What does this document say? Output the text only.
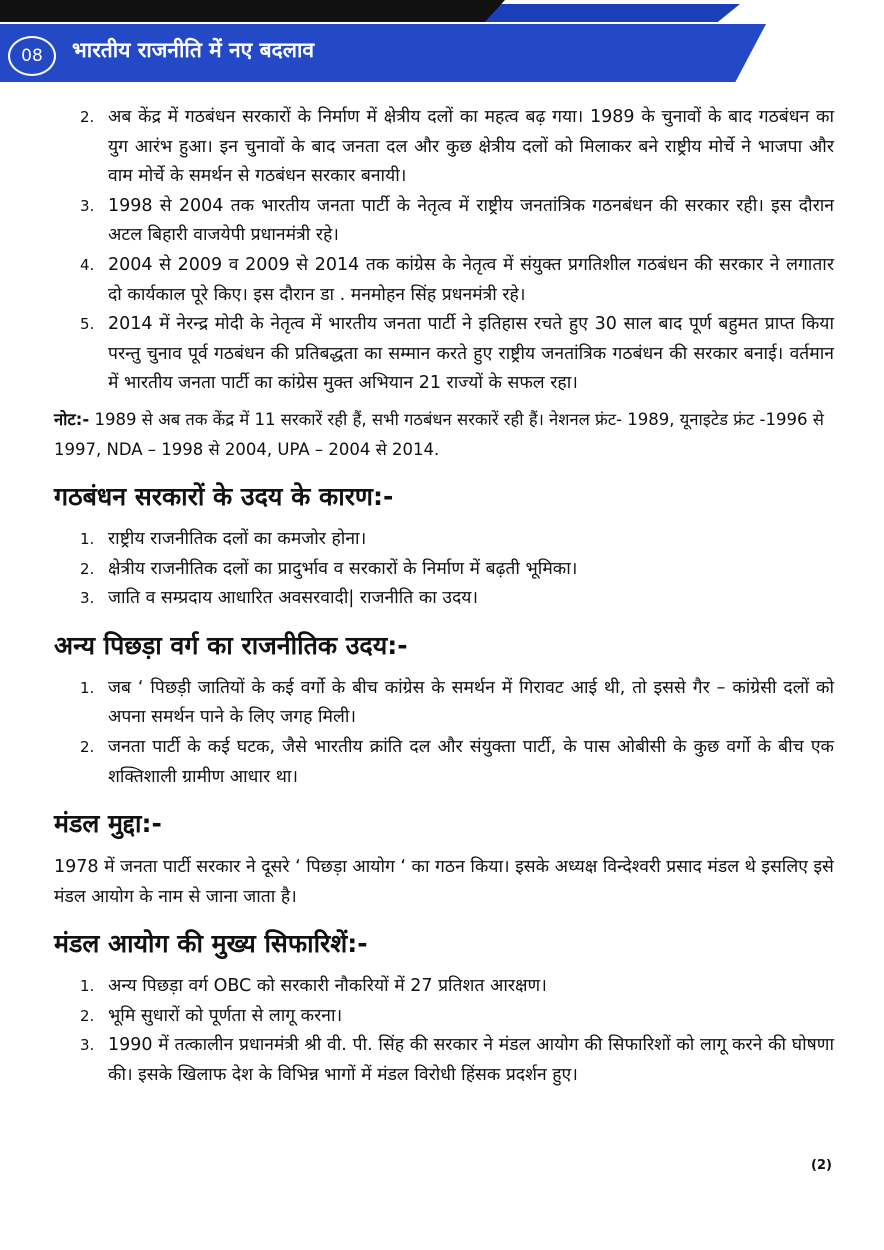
08	भारतीय राजनीति में नए बदलाव
2. अब केंद्र में गठबंधन सरकारों के निर्माण में क्षेत्रीय दलों का महत्व बढ़ गया। 1989 के चुनावों के बाद गठबंधन का युग आरंभ हुआ। इन चुनावों के बाद जनता दल और कुछ क्षेत्रीय दलों को मिलाकर बने राष्ट्रीय मोर्चे ने भाजपा और वाम मोर्चे के समर्थन से गठबंधन सरकार बनायी।
3. 1998 से 2004 तक भारतीय जनता पार्टी के नेतृत्व में राष्ट्रीय जनतांत्रिक गठनबंधन की सरकार रही। इस दौरान अटल बिहारी वाजयेपी प्रधानमंत्री रहे।
4. 2004 से 2009 व 2009 से 2014 तक कांग्रेस के नेतृत्व में संयुक्त प्रगतिशील गठबंधन की सरकार ने लगातार दो कार्यकाल पूरे किए। इस दौरान डा . मनमोहन सिंह प्रधनमंत्री रहे।
5. 2014 में नेरन्द्र मोदी के नेतृत्व में भारतीय जनता पार्टी ने इतिहास रचते हुए 30 साल बाद पूर्ण बहुमत प्राप्त किया परन्तु चुनाव पूर्व गठबंधन की प्रतिबद्धता का सम्मान करते हुए राष्ट्रीय जनतांत्रिक गठबंधन की सरकार बनाई। वर्तमान में भारतीय जनता पार्टी का कांग्रेस मुक्त अभियान 21 राज्यों के सफल रहा।
नोट:- 1989 से अब तक केंद्र में 11 सरकारें रही हैं, सभी गठबंधन सरकारें रही हैं। नेशनल फ्रंट- 1989, यूनाइटेड फ्रंट -1996 से 1997, NDA – 1998 से 2004, UPA – 2004 से 2014.
गठबंधन सरकारों के उदय के कारण:-
1. राष्ट्रीय राजनीतिक दलों का कमजोर होना।
2. क्षेत्रीय राजनीतिक दलों का प्रादुर्भाव व सरकारों के निर्माण में बढ़ती भूमिका।
3. जाति व सम्प्रदाय आधारित अवसरवादी| राजनीति का उदय।
अन्य पिछड़ा वर्ग का राजनीतिक उदय:-
1. जब ‘ पिछड़ी जातियों के कई वर्गो के बीच कांग्रेस के समर्थन में गिरावट आई थी, तो इससे गैर – कांग्रेसी दलों को अपना समर्थन पाने के लिए जगह मिली।
2. जनता पार्टी के कई घटक, जैसे भारतीय क्रांति दल और संयुक्ता पार्टी, के पास ओबीसी के कुछ वर्गो के बीच एक शक्तिशाली ग्रामीण आधार था।
मंडल मुद्दा:-

1978 में जनता पार्टी सरकार ने दूसरे ‘ पिछड़ा आयोग ‘ का गठन किया। इसके अध्यक्ष विन्देश्वरी प्रसाद मंडल थे इसलिए इसे मंडल आयोग के नाम से जाना जाता है।

मंडल आयोग की मुख्य सिफारिशें:-
1. अन्य पिछड़ा वर्ग OBC को सरकारी नौकरियों में 27 प्रतिशत आरक्षण।
2. भूमि सुधारों को पूर्णता से लागू करना।
3. 1990 में तत्कालीन प्रधानमंत्री श्री वी. पी. सिंह की सरकार ने मंडल आयोग की सिफारिशों को लागू करने की घोषणा की। इसके खिलाफ देश के विभिन्न भागों में मंडल विरोधी हिंसक प्रदर्शन हुए।
(2)
